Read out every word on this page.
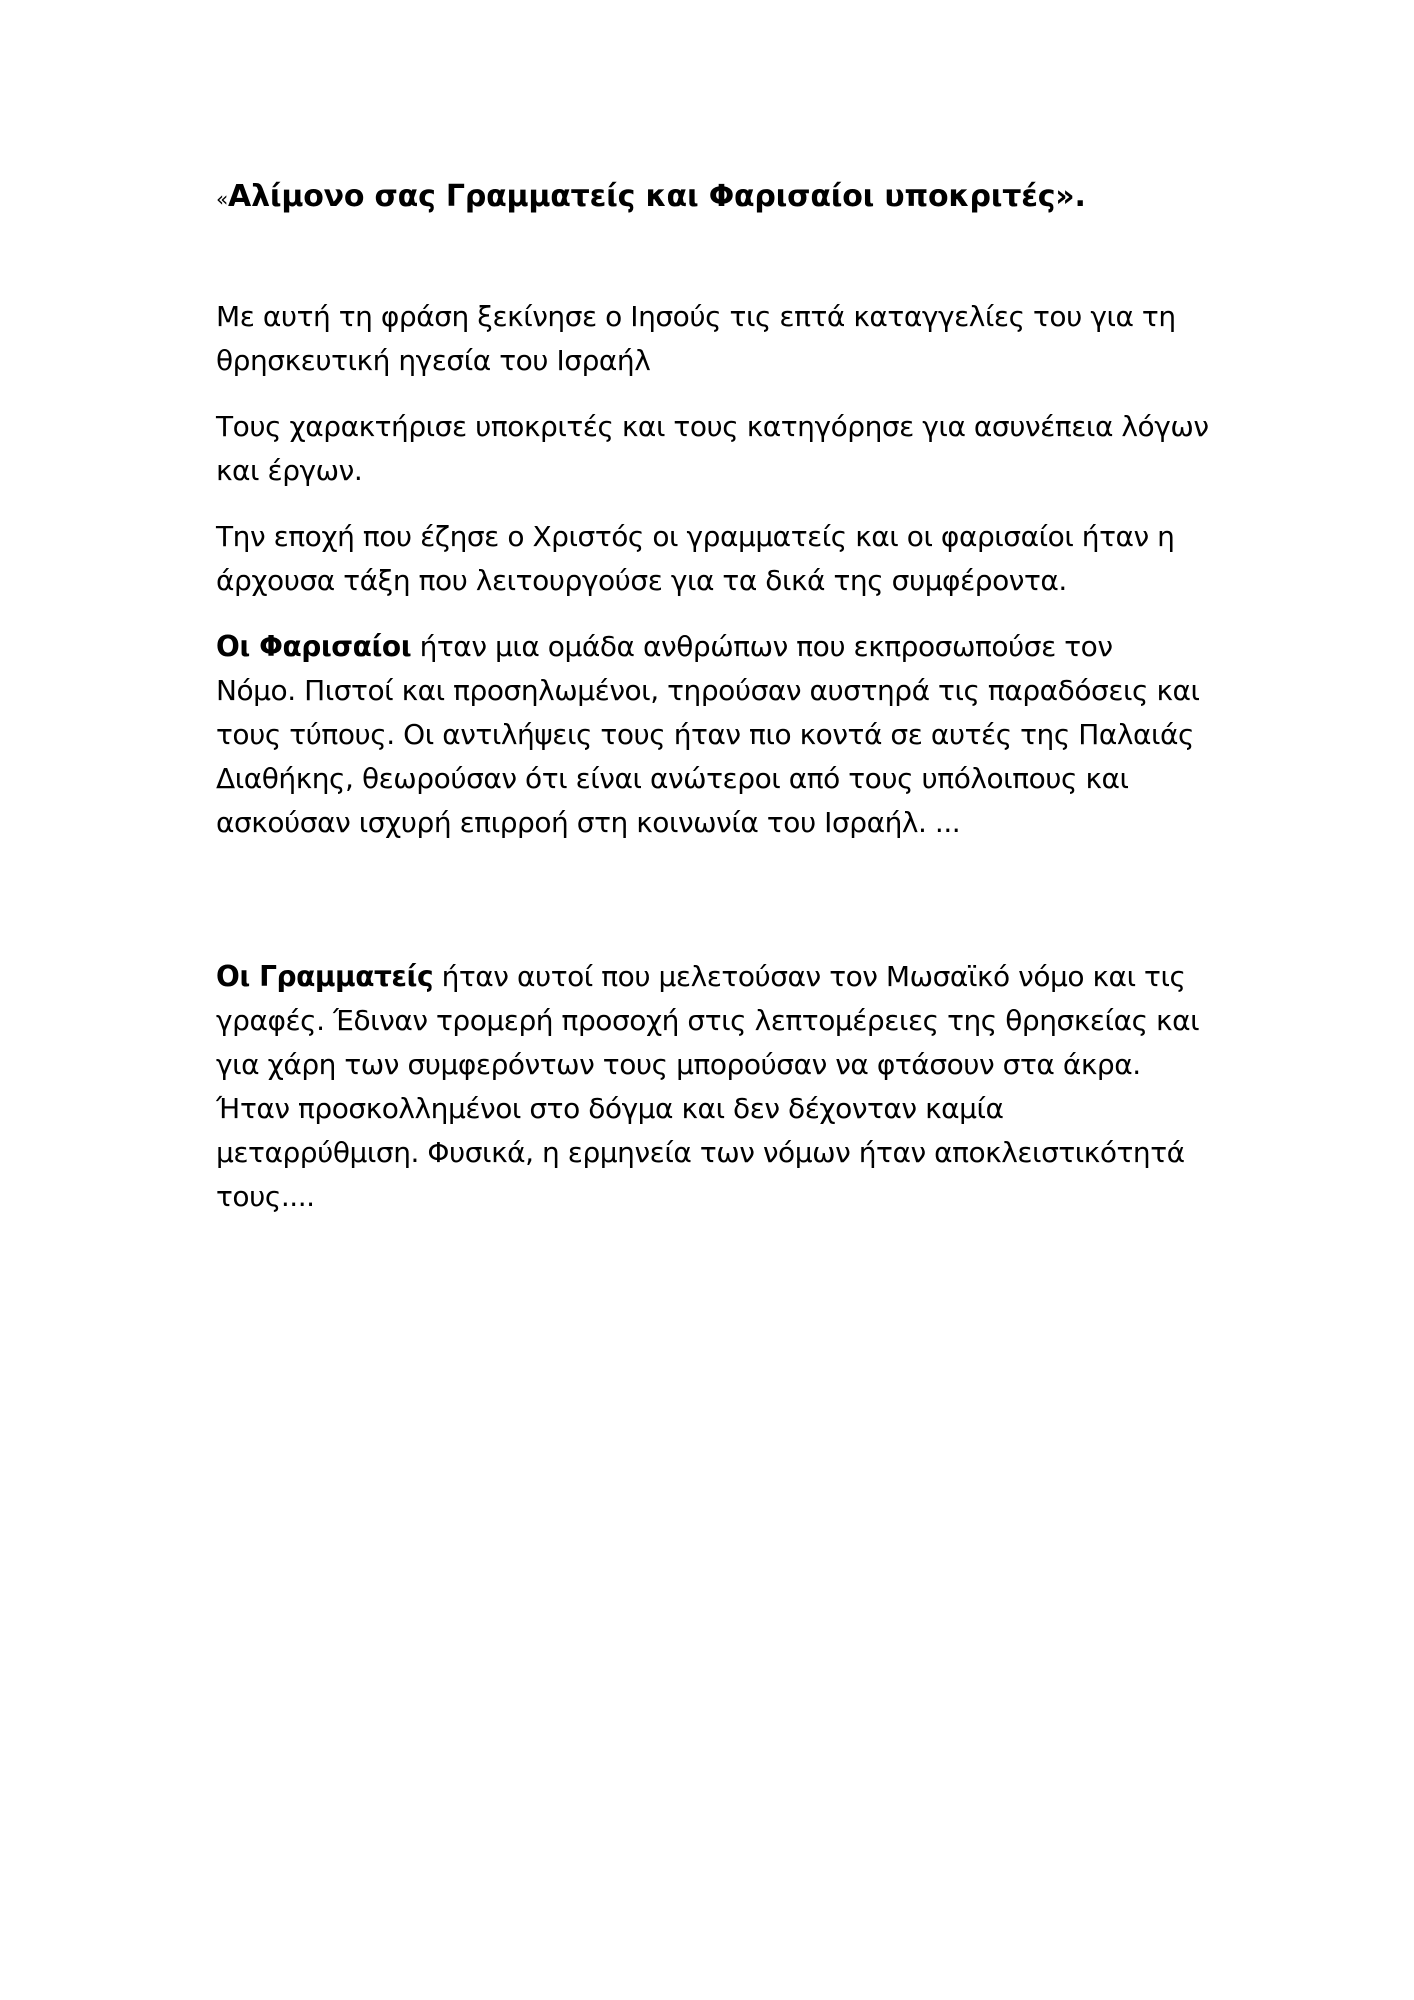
«Αλίμονο σας Γραμματείς και Φαρισαίοι υποκριτές».

Με αυτή τη φράση ξεκίνησε ο Ιησούς τις επτά καταγγελίες του για τη
θρησκευτική ηγεσία του Ισραήλ

Τους χαρακτήρισε υποκριτές και τους κατηγόρησε για ασυνέπεια λόγων
και έργων.

Την εποχή που έζησε ο Χριστός οι γραμματείς και οι φαρισαίοι ήταν η
άρχουσα τάξη που λειτουργούσε για τα δικά της συμφέροντα.

Οι Φαρισαίοι ήταν μια ομάδα ανθρώπων που εκπροσωπούσε τον
Νόμο. Πιστοί και προσηλωμένοι, τηρούσαν αυστηρά τις παραδόσεις και
τους τύπους. Οι αντιλήψεις τους ήταν πιο κοντά σε αυτές της Παλαιάς
Διαθήκης, θεωρούσαν ότι είναι ανώτεροι από τους υπόλοιπους και
ασκούσαν ισχυρή επιρροή στη κοινωνία του Ισραήλ. ...

Οι Γραμματείς ήταν αυτοί που μελετούσαν τον Μωσαϊκό νόμο και τις
γραφές. Έδιναν τρομερή προσοχή στις λεπτομέρειες της θρησκείας και
για χάρη των συμφερόντων τους μπορούσαν να φτάσουν στα άκρα.
Ήταν προσκολλημένοι στο δόγμα και δεν δέχονταν καμία
μεταρρύθμιση. Φυσικά, η ερμηνεία των νόμων ήταν αποκλειστικότητά
τους....
